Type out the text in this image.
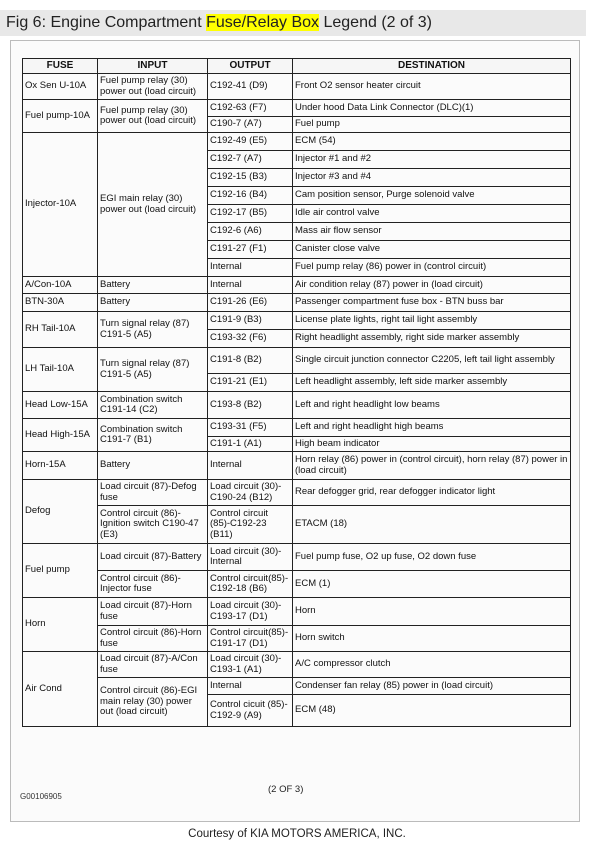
Fig 6: Engine Compartment Fuse/Relay Box Legend (2 of 3)
FUSE	INPUT	OUTPUT	DESTINATION
Ox Sen U-10A	Fuel pump relay (30) power out (load circuit)	C192-41 (D9)	Front O2 sensor heater circuit
Fuel pump-10A	Fuel pump relay (30) power out (load circuit)	C192-63 (F7)	Under hood Data Link Connector (DLC)(1)
		C190-7 (A7)	Fuel pump
Injector-10A	EGI main relay (30) power out (load circuit)	C192-49 (E5)	ECM (54)
		C192-7 (A7)	Injector #1 and #2
		C192-15 (B3)	Injector #3 and #4
		C192-16 (B4)	Cam position sensor, Purge solenoid valve
		C192-17 (B5)	Idle air control valve
		C192-6 (A6)	Mass air flow sensor
		C191-27 (F1)	Canister close valve
		Internal	Fuel pump relay (86) power in (control circuit)
A/Con-10A	Battery	Internal	Air condition relay (87) power in (load circuit)
BTN-30A	Battery	C191-26 (E6)	Passenger compartment fuse box - BTN buss bar
RH Tail-10A	Turn signal relay (87) C191-5 (A5)	C191-9 (B3)	License plate lights, right tail light assembly
		C193-32 (F6)	Right headlight assembly, right side marker assembly
LH Tail-10A	Turn signal relay (87) C191-5 (A5)	C191-8 (B2)	Single circuit junction connector C2205, left tail light assembly
		C191-21 (E1)	Left headlight assembly, left side marker assembly
Head Low-15A	Combination switch C191-14 (C2)	C193-8 (B2)	Left and right headlight low beams
Head High-15A	Combination switch C191-7 (B1)	C193-31 (F5)	Left and right headlight high beams
		C191-1 (A1)	High beam indicator
Horn-15A	Battery	Internal	Horn relay (86) power in (control circuit), horn relay (87) power in (load circuit)
Defog	Load circuit (87)-Defog fuse	Load circuit (30)-C190-24 (B12)	Rear defogger grid, rear defogger indicator light
	Control circuit (86)-Ignition switch C190-47 (E3)	Control circuit (85)-C192-23 (B11)	ETACM (18)
Fuel pump	Load circuit (87)-Battery	Load circuit (30)-Internal	Fuel pump fuse, O2 up fuse, O2 down fuse
	Control circuit (86)-Injector fuse	Control circuit(85)-C192-18 (B6)	ECM (1)
Horn	Load circuit (87)-Horn fuse	Load circuit (30)-C193-17 (D1)	Horn
	Control circuit (86)-Horn fuse	Control circuit(85)-C191-17 (D1)	Horn switch
Air Cond	Load circuit (87)-A/Con fuse	Load circuit (30)-C193-1 (A1)	A/C compressor clutch
	Control circuit (86)-EGI main relay (30) power out (load circuit)	Internal	Condenser fan relay (85) power in (load circuit)
		Control cicuit (85)-C192-9 (A9)	ECM (48)
(2 OF 3)
G00106905
Courtesy of KIA MOTORS AMERICA, INC.
